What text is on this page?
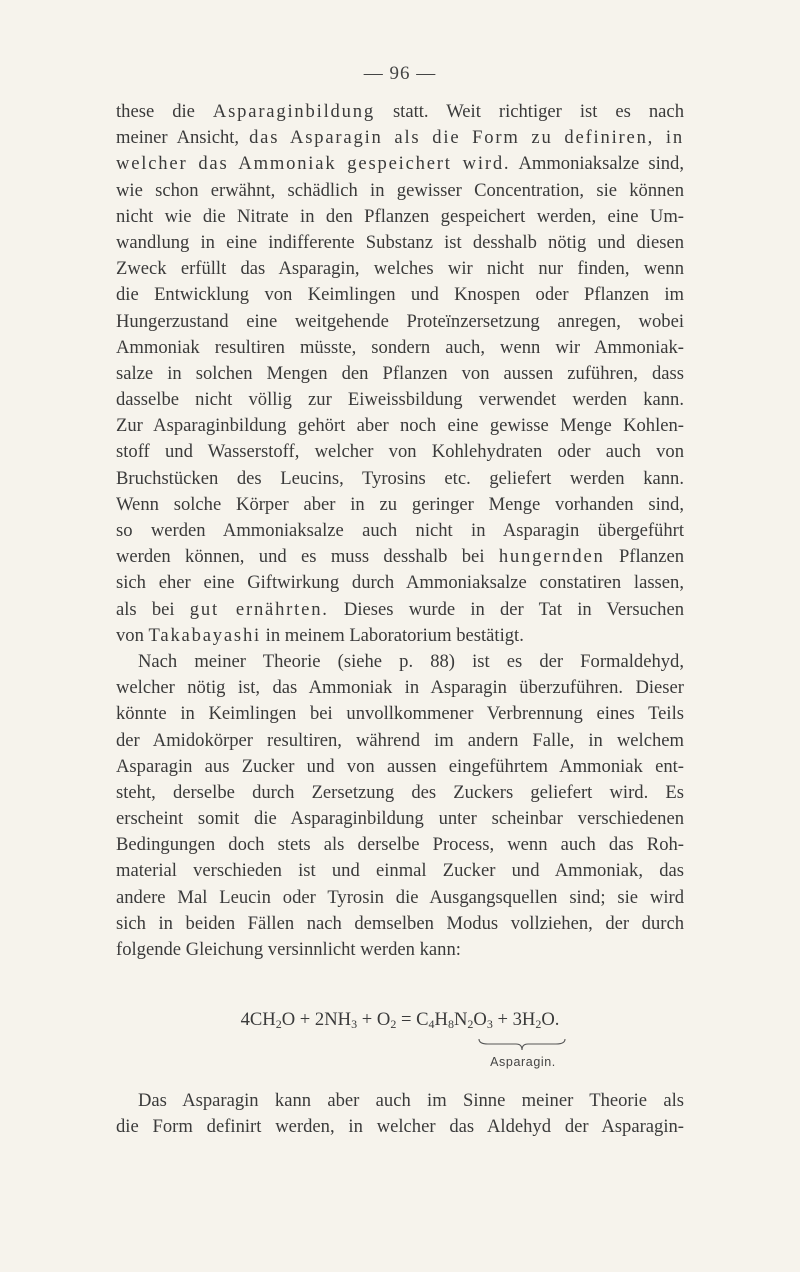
— 96 —
these die Asparaginbildung statt. Weit richtiger ist es nach
meiner Ansicht, das Asparagin als die Form zu definiren, in
welcher das Ammoniak gespeichert wird. Ammoniaksalze sind,
wie schon erwähnt, schädlich in gewisser Concentration, sie können
nicht wie die Nitrate in den Pflanzen gespeichert werden, eine Um-
wandlung in eine indifferente Substanz ist desshalb nötig und diesen
Zweck erfüllt das Asparagin, welches wir nicht nur finden, wenn
die Entwicklung von Keimlingen und Knospen oder Pflanzen im
Hungerzustand eine weitgehende Proteïnzersetzung anregen, wobei
Ammoniak resultiren müsste, sondern auch, wenn wir Ammoniak-
salze in solchen Mengen den Pflanzen von aussen zuführen, dass
dasselbe nicht völlig zur Eiweissbildung verwendet werden kann.
Zur Asparaginbildung gehört aber noch eine gewisse Menge Kohlen-
stoff und Wasserstoff, welcher von Kohlehydraten oder auch von
Bruchstücken des Leucins, Tyrosins etc. geliefert werden kann.
Wenn solche Körper aber in zu geringer Menge vorhanden sind,
so werden Ammoniaksalze auch nicht in Asparagin übergeführt
werden können, und es muss desshalb bei hungernden Pflanzen
sich eher eine Giftwirkung durch Ammoniaksalze constatiren lassen,
als bei gut ernährten. Dieses wurde in der Tat in Versuchen
von Takabayashi in meinem Laboratorium bestätigt.
Nach meiner Theorie (siehe p. 88) ist es der Formaldehyd,
welcher nötig ist, das Ammoniak in Asparagin überzuführen. Dieser
könnte in Keimlingen bei unvollkommener Verbrennung eines Teils
der Amidokörper resultiren, während im andern Falle, in welchem
Asparagin aus Zucker und von aussen eingeführtem Ammoniak ent-
steht, derselbe durch Zersetzung des Zuckers geliefert wird. Es
erscheint somit die Asparaginbildung unter scheinbar verschiedenen
Bedingungen doch stets als derselbe Process, wenn auch das Roh-
material verschieden ist und einmal Zucker und Ammoniak, das
andere Mal Leucin oder Tyrosin die Ausgangsquellen sind; sie wird
sich in beiden Fällen nach demselben Modus vollziehen, der durch
folgende Gleichung versinnlicht werden kann:
$4CH_2O + 2NH_3 + O_2 = C_4H_8N_2O_3 + 3H_2O$.
Asparagin.
Das Asparagin kann aber auch im Sinne meiner Theorie als
die Form definirt werden, in welcher das Aldehyd der Asparagin-
